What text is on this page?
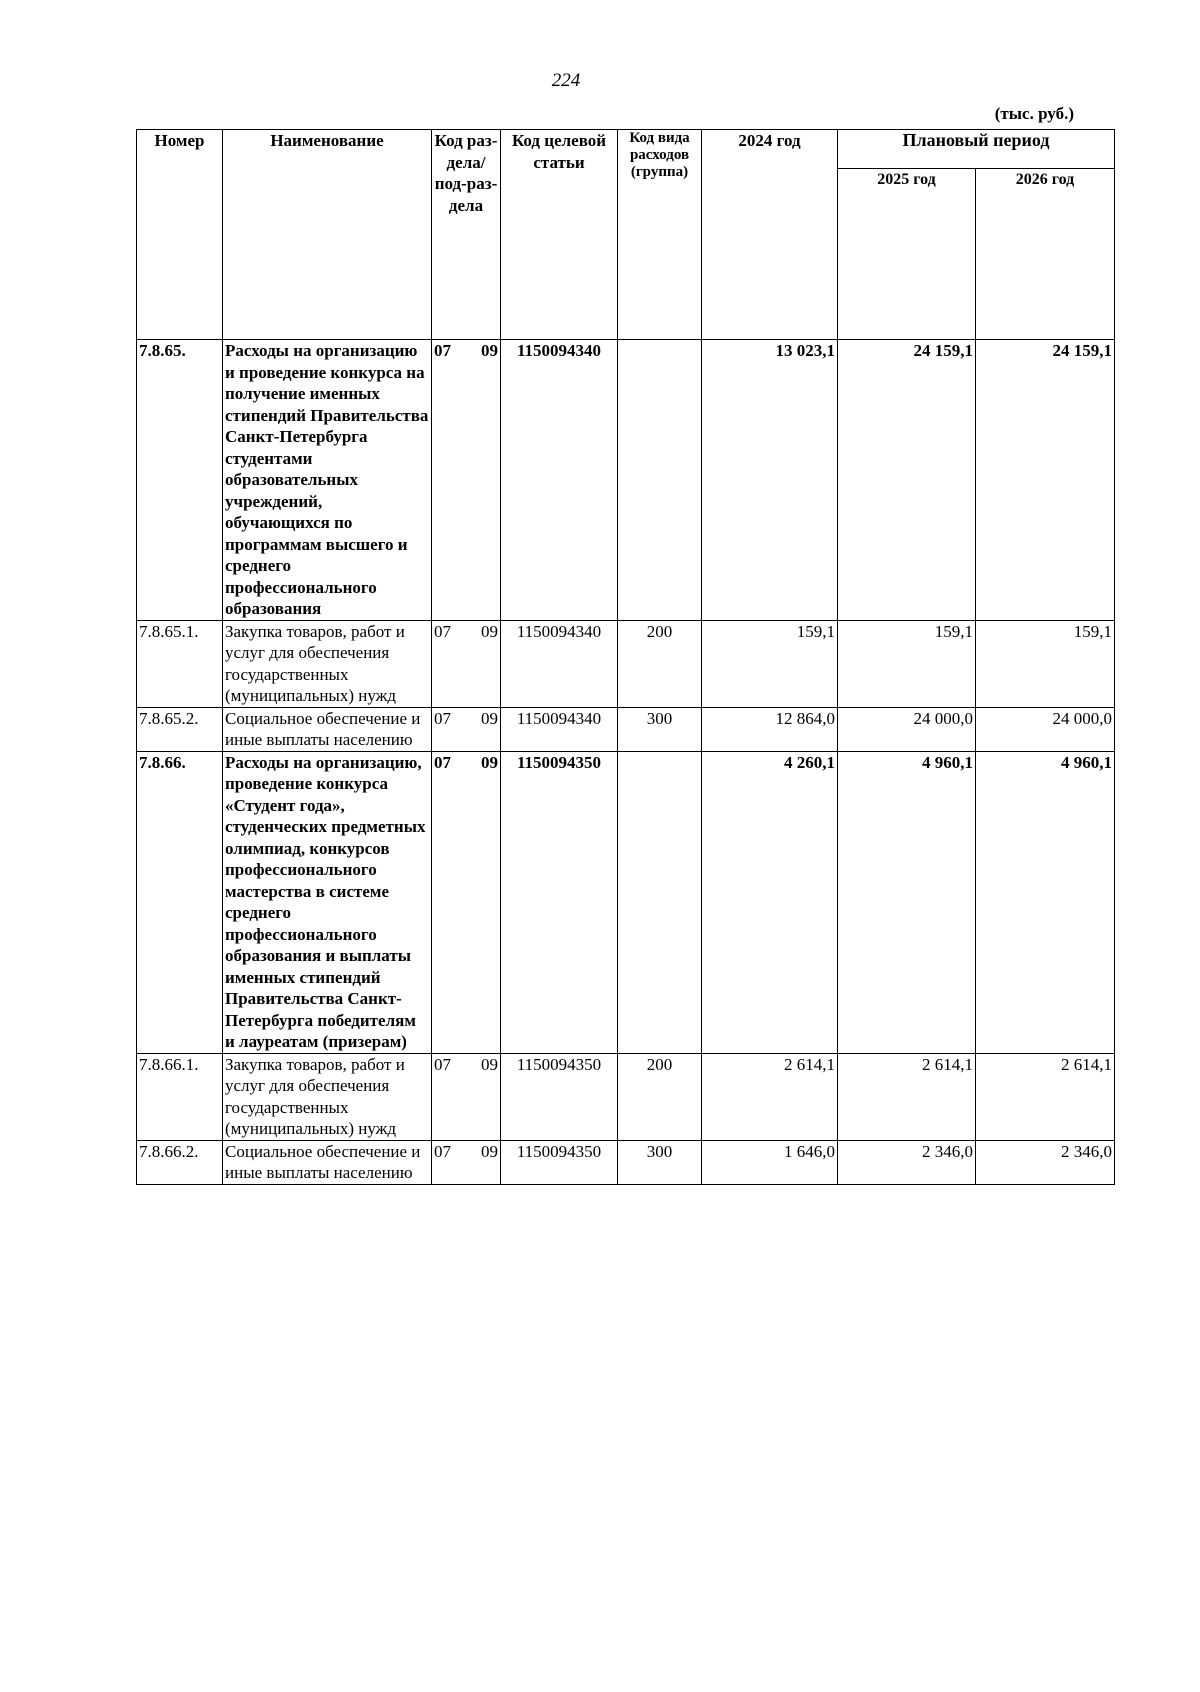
224
(тыс. руб.)
Номер	Наименование	Код раз-дела/ под-раз-дела	Код целевой статьи	Код вида расходов (группа)	2024 год	Плановый период	
						2025 год	2026 год
7.8.65.	Расходы на организацию и проведение конкурса на получение именных стипендий Правительства Санкт-Петербурга студентами образовательных учреждений, обучающихся по программам высшего и среднего профессионального образования	07 09	1150094340		13 023,1	24 159,1	24 159,1
7.8.65.1.	Закупка товаров, работ и услуг для обеспечения государственных (муниципальных) нужд	07 09	1150094340	200	159,1	159,1	159,1
7.8.65.2.	Социальное обеспечение и иные выплаты населению	07 09	1150094340	300	12 864,0	24 000,0	24 000,0
7.8.66.	Расходы на организацию, проведение конкурса «Студент года», студенческих предметных олимпиад, конкурсов профессионального мастерства в системе среднего профессионального образования и выплаты именных стипендий Правительства Санкт-Петербурга победителям и лауреатам (призерам)	07 09	1150094350		4 260,1	4 960,1	4 960,1
7.8.66.1.	Закупка товаров, работ и услуг для обеспечения государственных (муниципальных) нужд	07 09	1150094350	200	2 614,1	2 614,1	2 614,1
7.8.66.2.	Социальное обеспечение и иные выплаты населению	07 09	1150094350	300	1 646,0	2 346,0	2 346,0
